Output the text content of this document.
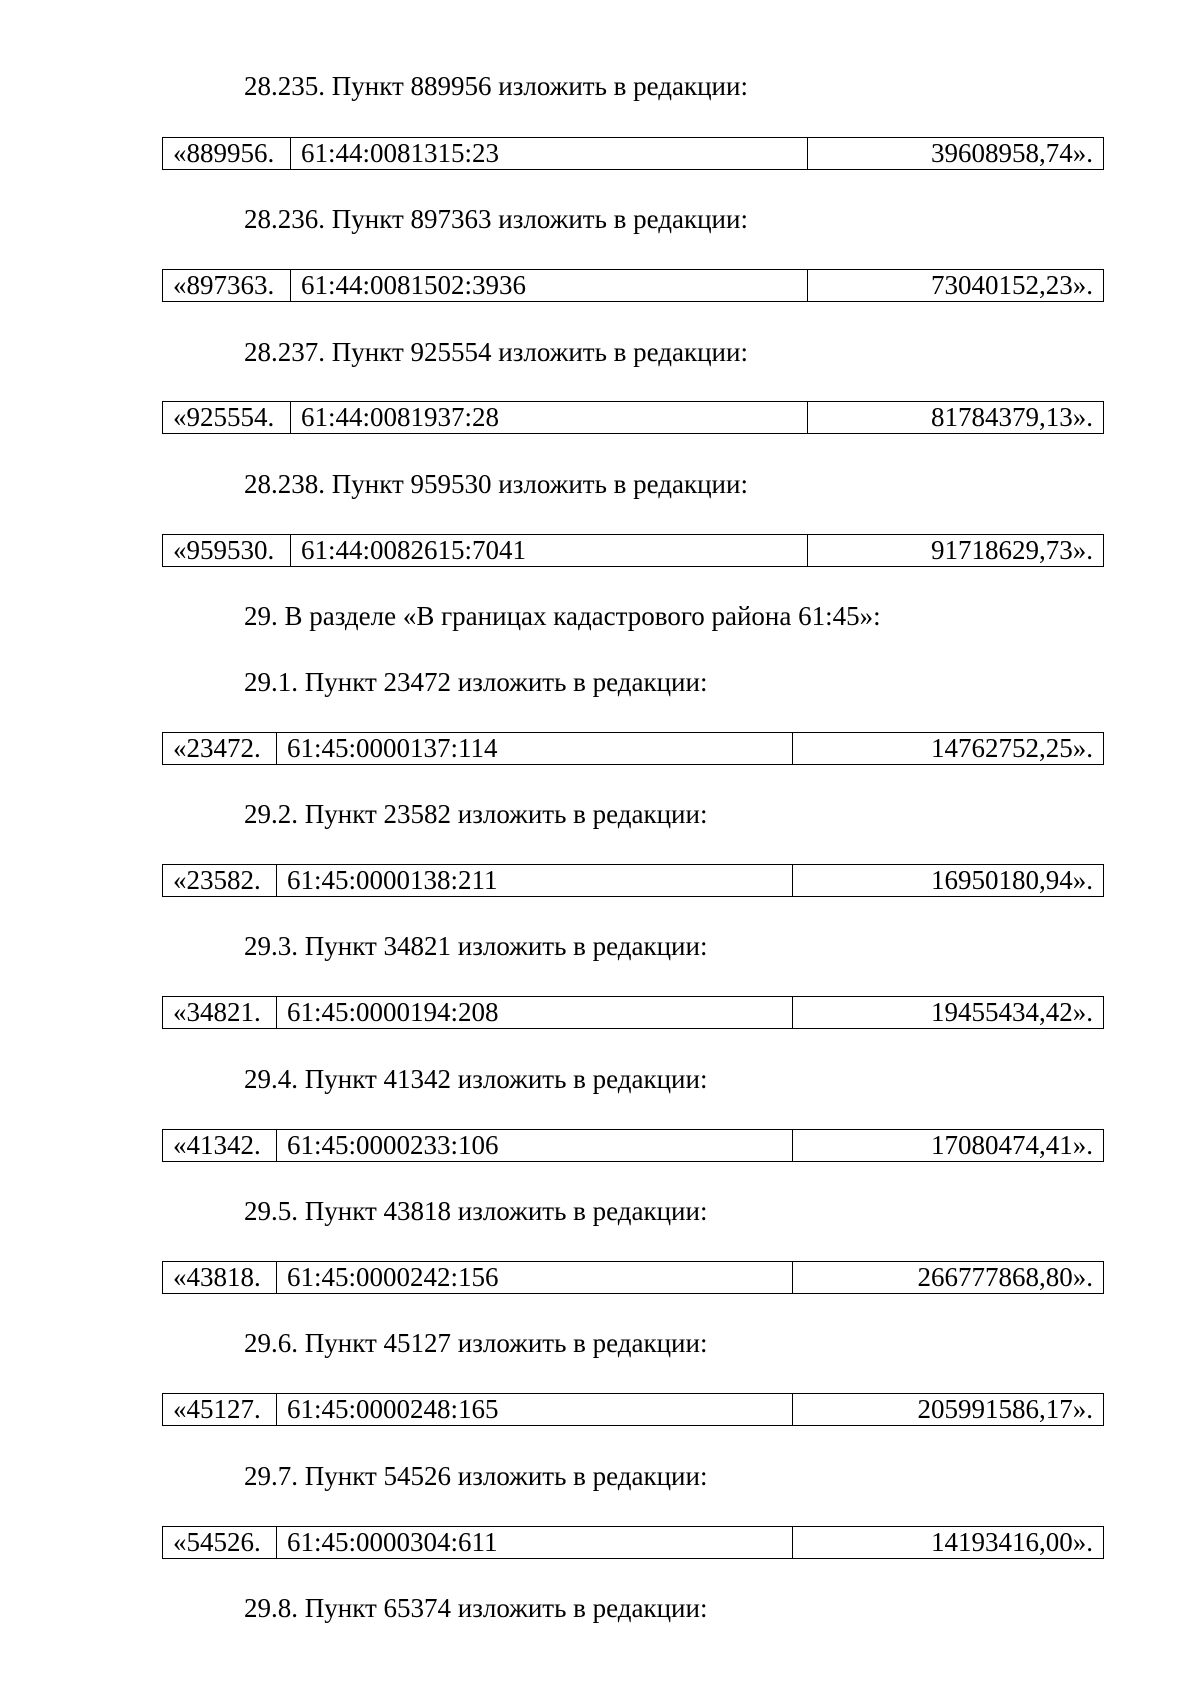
28.235. Пункт 889956 изложить в редакции:
«889956.	61:44:0081315:23	39608958,74».
28.236. Пункт 897363 изложить в редакции:
«897363.	61:44:0081502:3936	73040152,23».
28.237. Пункт 925554 изложить в редакции:
«925554.	61:44:0081937:28	81784379,13».
28.238. Пункт 959530 изложить в редакции:
«959530.	61:44:0082615:7041	91718629,73».
29. В разделе «В границах кадастрового района 61:45»:
29.1. Пункт 23472 изложить в редакции:
«23472.	61:45:0000137:114	14762752,25».
29.2. Пункт 23582 изложить в редакции:
«23582.	61:45:0000138:211	16950180,94».
29.3. Пункт 34821 изложить в редакции:
«34821.	61:45:0000194:208	19455434,42».
29.4. Пункт 41342 изложить в редакции:
«41342.	61:45:0000233:106	17080474,41».
29.5. Пункт 43818 изложить в редакции:
«43818.	61:45:0000242:156	266777868,80».
29.6. Пункт 45127 изложить в редакции:
«45127.	61:45:0000248:165	205991586,17».
29.7. Пункт 54526 изложить в редакции:
«54526.	61:45:0000304:611	14193416,00».
29.8. Пункт 65374 изложить в редакции:
